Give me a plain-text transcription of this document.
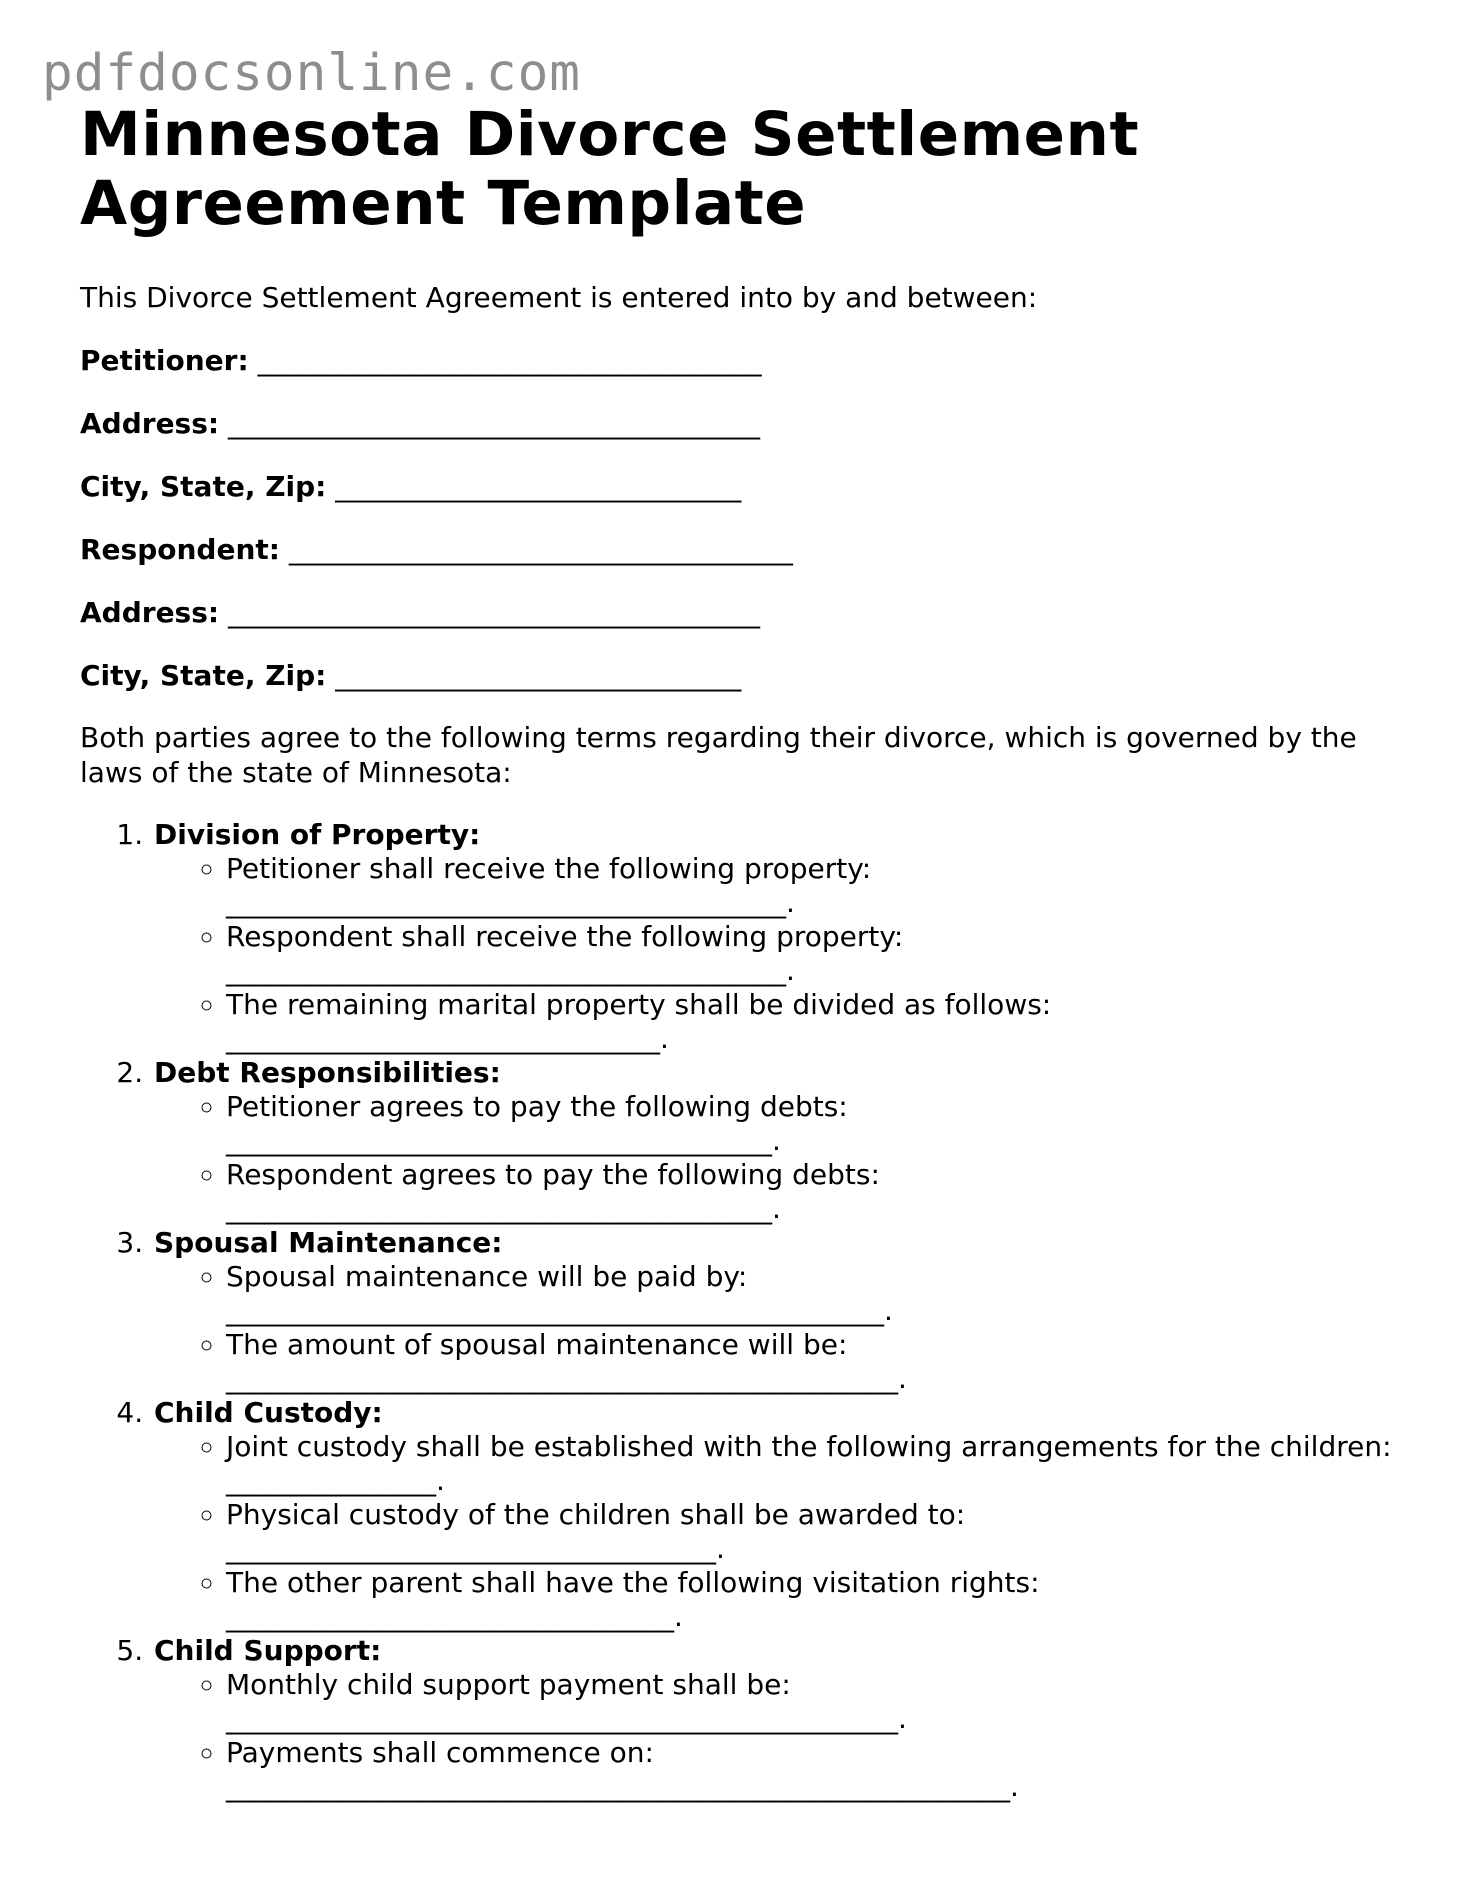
pdfdocsonline.com
Minnesota Divorce Settlement
Agreement Template

This Divorce Settlement Agreement is entered into by and between:

Petitioner: ____________________________________
Address: ______________________________________
City, State, Zip: _____________________________
Respondent: ____________________________________
Address: ______________________________________
City, State, Zip: _____________________________

Both parties agree to the following terms regarding their divorce, which is governed by the laws of the state of Minnesota:

1. Division of Property:
◦ Petitioner shall receive the following property: ________________________________________.
◦ Respondent shall receive the following property: ________________________________________.
◦ The remaining marital property shall be divided as follows: _______________________________.
2. Debt Responsibilities:
◦ Petitioner agrees to pay the following debts: _______________________________________.
◦ Respondent agrees to pay the following debts: _______________________________________.
3. Spousal Maintenance:
◦ Spousal maintenance will be paid by: _______________________________________________.
◦ The amount of spousal maintenance will be: ________________________________________________.
4. Child Custody:
◦ Joint custody shall be established with the following arrangements for the children: _______________.
◦ Physical custody of the children shall be awarded to: ___________________________________.
◦ The other parent shall have the following visitation rights: ________________________________.
5. Child Support:
◦ Monthly child support payment shall be: ________________________________________________.
◦ Payments shall commence on: ________________________________________________________.
